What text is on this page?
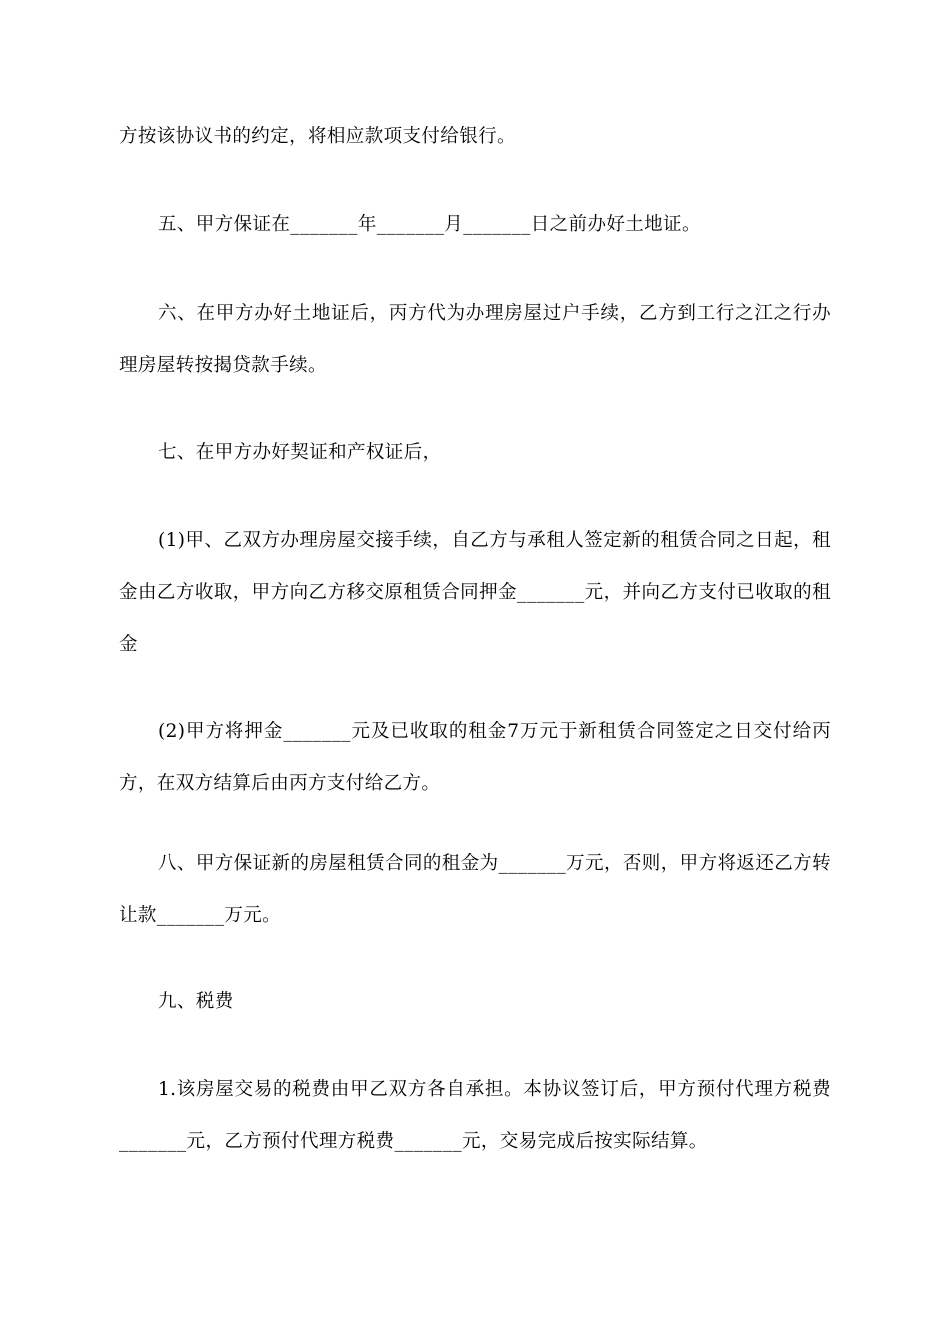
方按该协议书的约定，将相应款项支付给银行。

五、甲方保证在_______年_______月_______日之前办好土地证。

六、在甲方办好土地证后，丙方代为办理房屋过户手续，乙方到工行之江之行办理房屋转按揭贷款手续。

七、在甲方办好契证和产权证后，

(1)甲、乙双方办理房屋交接手续，自乙方与承租人签定新的租赁合同之日起，租金由乙方收取，甲方向乙方移交原租赁合同押金_______元，并向乙方支付已收取的租金

(2)甲方将押金_______元及已收取的租金7万元于新租赁合同签定之日交付给丙方，在双方结算后由丙方支付给乙方。

八、甲方保证新的房屋租赁合同的租金为_______万元，否则，甲方将返还乙方转让款_______万元。

九、税费

1.该房屋交易的税费由甲乙双方各自承担。本协议签订后，甲方预付代理方税费_______元，乙方预付代理方税费_______元，交易完成后按实际结算。
